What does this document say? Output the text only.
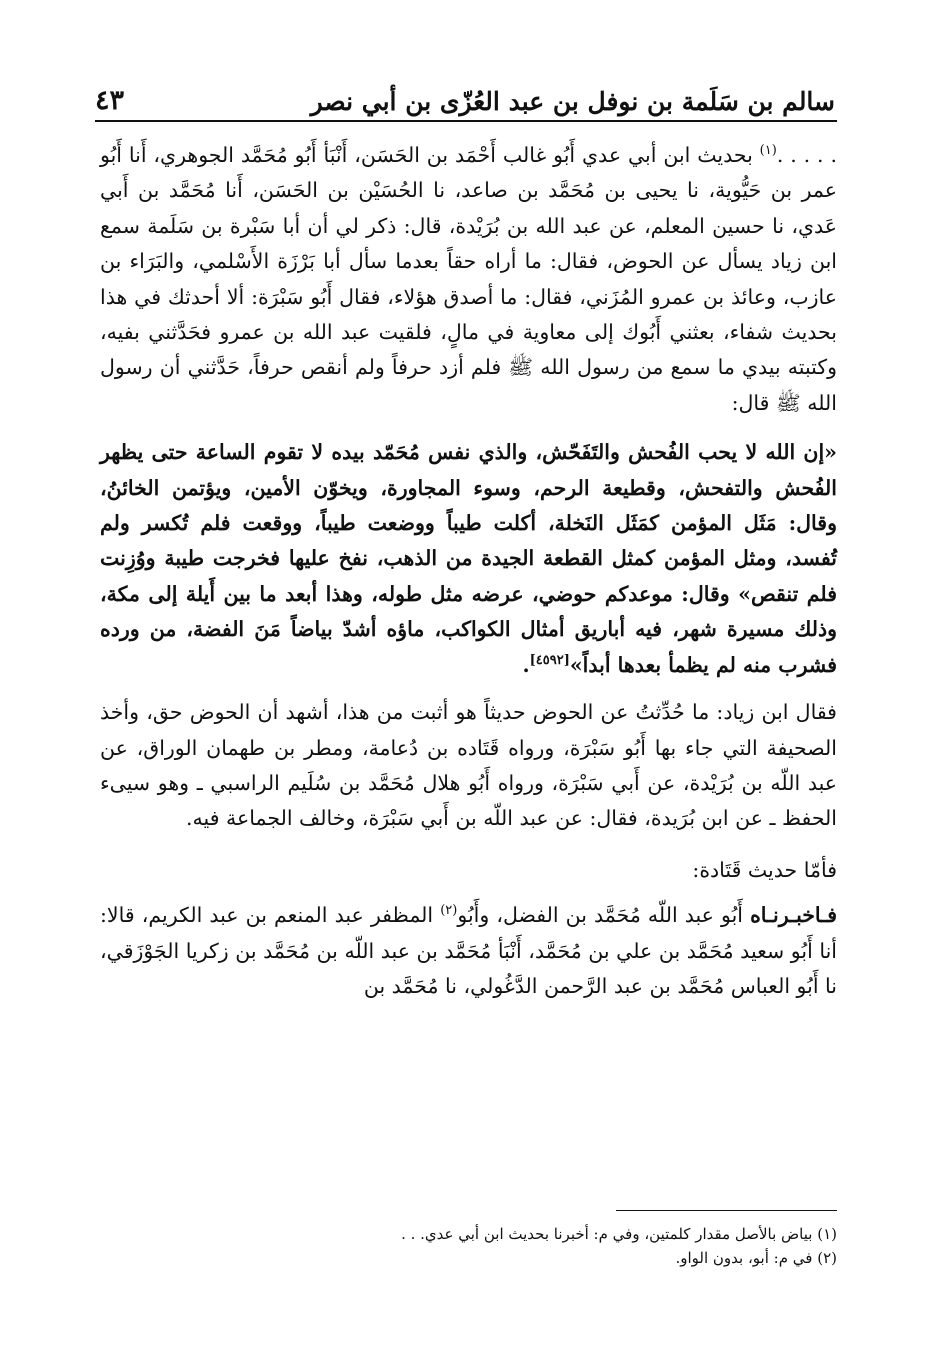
٤٣	سالم بن سَلَمة بن نوفل بن عبد العُزّى بن أبي نصر

. . . . .$^{(١)}$ بحديث ابن أبي عدي أَبُو غالب أَحْمَد بن الحَسَن، أَنْبَأ أَبُو مُحَمَّد الجوهري، أَنا أَبُو عمر بن حَيُّوية، نا يحيى بن مُحَمَّد بن صاعد، نا الحُسَيْن بن الحَسَن، أَنا مُحَمَّد بن أَبي عَدي، نا حسين المعلم، عن عبد الله بن بُرَيْدة، قال: ذكر لي أن أبا سَبْرة بن سَلَمة سمع ابن زياد يسأل عن الحوض، فقال: ما أراه حقاً بعدما سأل أبا بَرْزَة الأَسْلمي، والبَرَاء بن عازب، وعائذ بن عمرو المُزَني، فقال: ما أصدق هؤلاء، فقال أَبُو سَبْرَة: ألا أحدثك في هذا بحديث شفاء، بعثني أَبُوك إلى معاوية في مالٍ، فلقيت عبد الله بن عمرو فحَدَّثني بفيه، وكتبته بيدي ما سمع من رسول الله ﷺ فلم أزد حرفاً ولم أنقص حرفاً، حَدَّثني أن رسول الله ﷺ قال:

«إن الله لا يحب الفُحش والتَفَحّش، والذي نفس مُحَمّد بيده لا تقوم الساعة حتى يظهر الفُحش والتفحش، وقطيعة الرحم، وسوء المجاورة، ويخوّن الأمين، ويؤتمن الخائنُ، وقال: مَثَل المؤمن كمَثَل النَخلة، أكلت طيباً ووضعت طيباً، ووقعت فلم تُكسر ولم تُفسد، ومثل المؤمن كمثل القطعة الجيدة من الذهب، نفخ عليها فخرجت طيبة ووُزِنت فلم تنقص» وقال: موعدكم حوضي، عرضه مثل طوله، وهذا أبعد ما بين أَيلة إلى مكة، وذلك مسيرة شهر، فيه أباريق أمثال الكواكب، ماؤه أشدّ بياضاً مَنَ الفضة، من ورده فشرب منه لم يظمأ بعدها أبداً»[٤٥٩٢].

فقال ابن زياد: ما حُدِّثتُ عن الحوض حديثاً هو أثبت من هذا، أشهد أن الحوض حق، وأخذ الصحيفة التي جاء بها أَبُو سَبْرَة، ورواه قَتَاده بن دُعامة، ومطر بن طهمان الوراق، عن عبد اللّه بن بُرَيْدة، عن أَبي سَبْرَة، ورواه أَبُو هلال مُحَمَّد بن سُلَيم الراسبي ـ وهو سيىء الحفظ ـ عن ابن بُرَيدة، فقال: عن عبد اللّه بن أَبي سَبْرَة، وخالف الجماعة فيه.

فأمّا حديث قَتَادة:

فـاخبـرنـاه أَبُو عبد اللّه مُحَمَّد بن الفضل، وأَبُو$^{(٢)}$ المظفر عبد المنعم بن عبد الكريم، قالا: أنا أَبُو سعيد مُحَمَّد بن علي بن مُحَمَّد، أَنْبَأ مُحَمَّد بن عبد اللّه بن مُحَمَّد بن زكريا الجَوْزَقي، نا أَبُو العباس مُحَمَّد بن عبد الرَّحمن الدَّغُولي، نا مُحَمَّد بن

(١) بياض بالأصل مقدار كلمتين، وفي م: أخبرنا بحديث ابن أبي عدي. . .

(٢) في م: أبو، بدون الواو.
